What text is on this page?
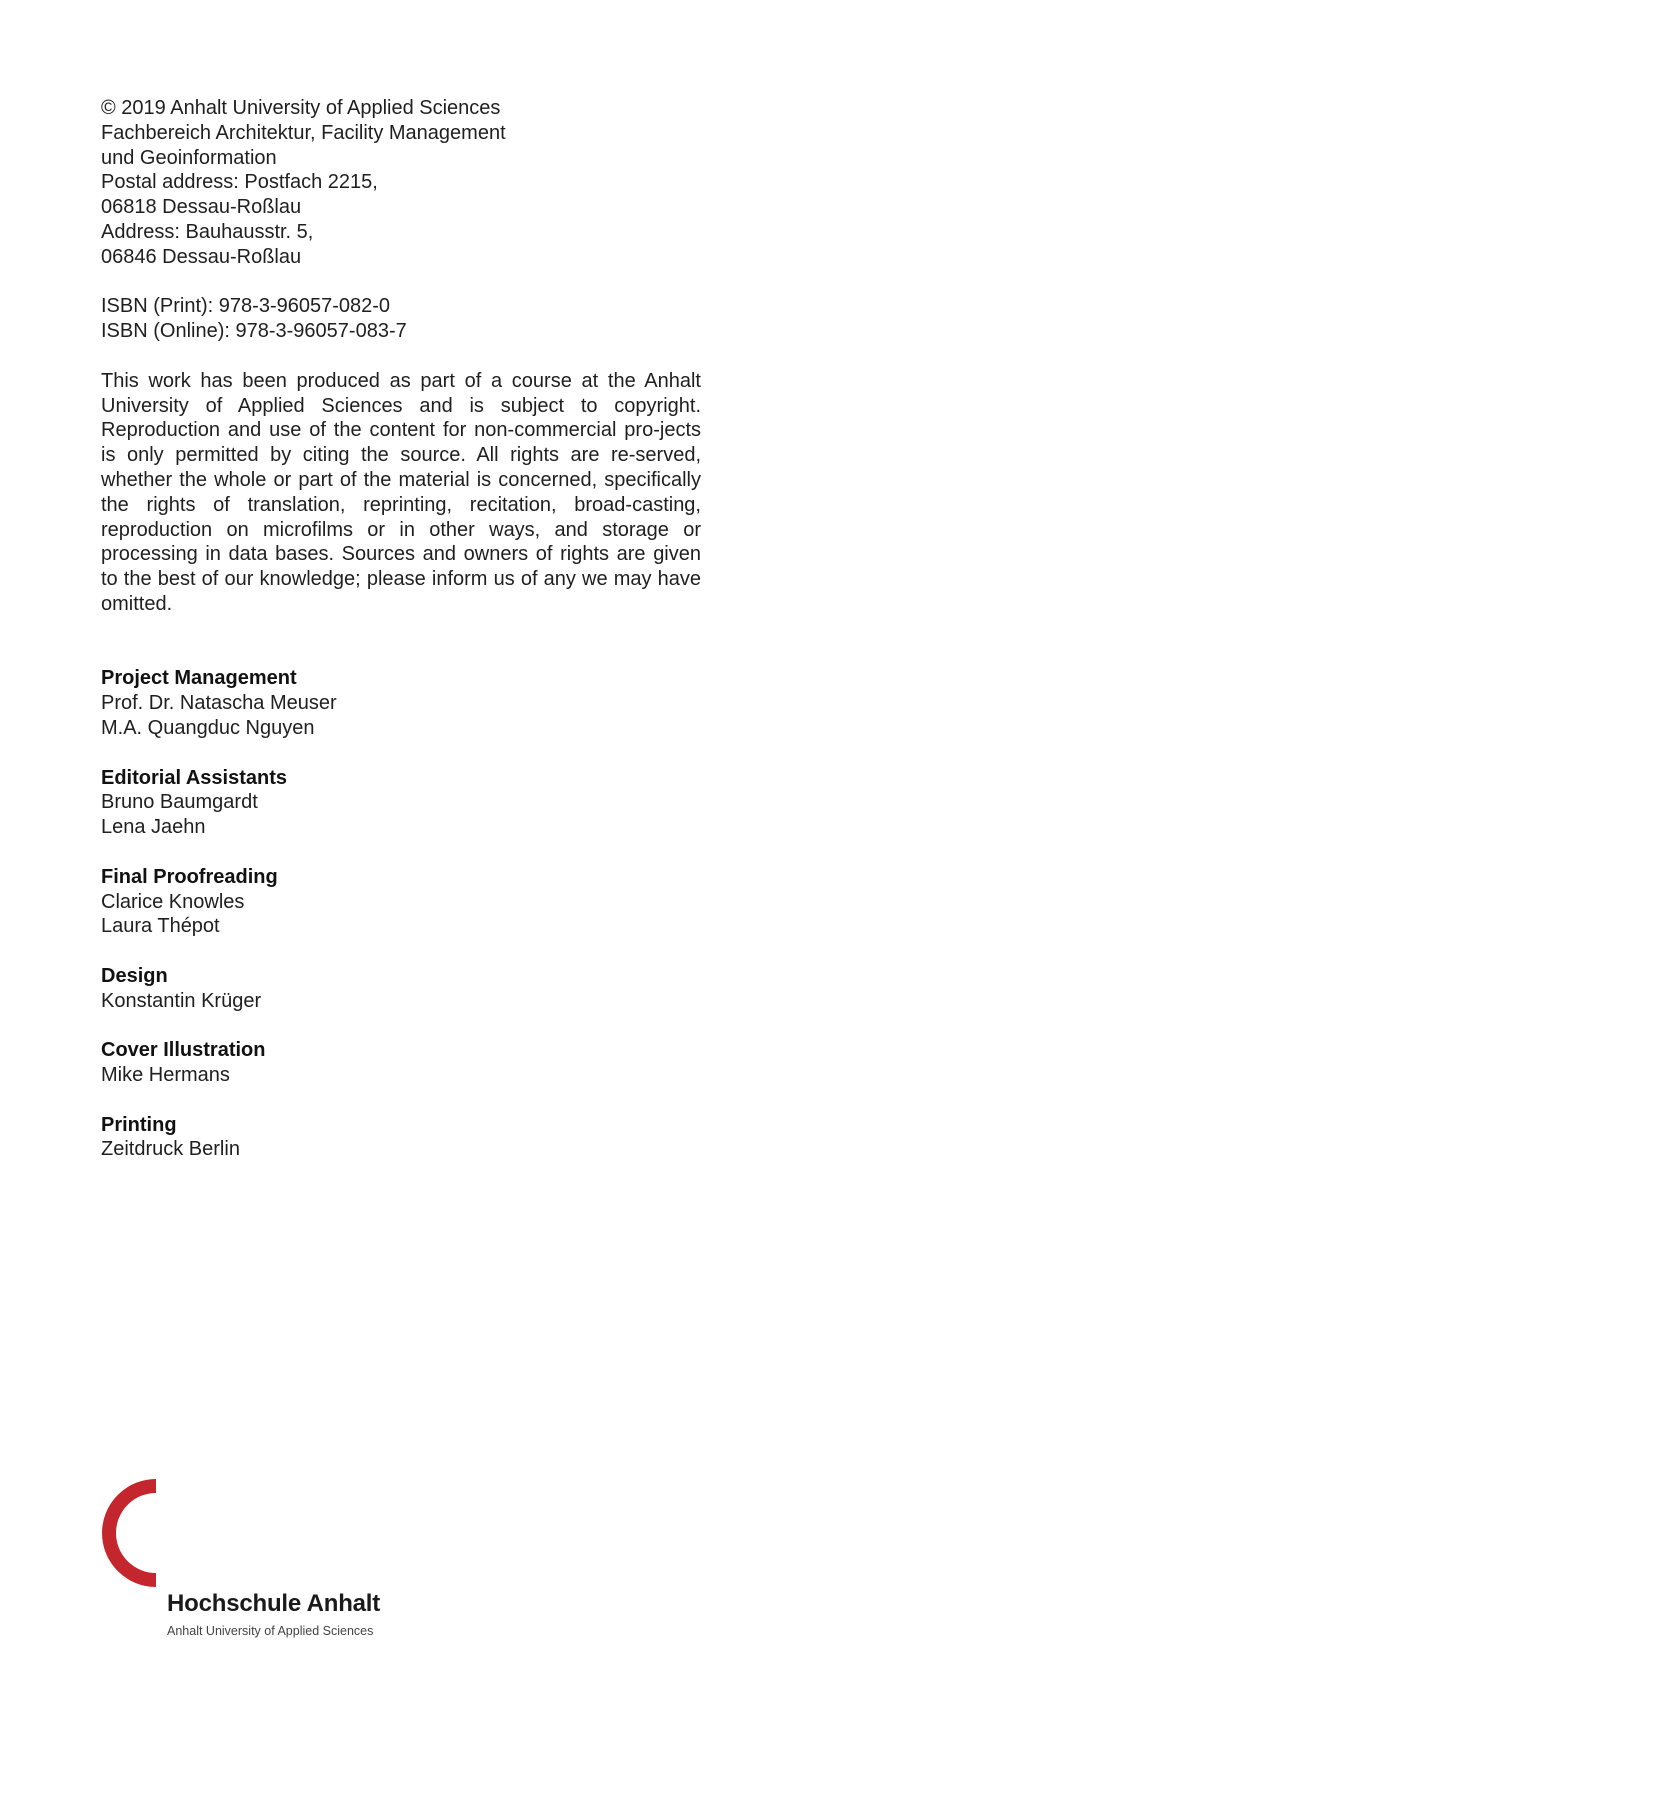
© 2019 Anhalt University of Applied Sciences
Fachbereich Architektur, Facility Management
und Geoinformation
Postal address: Postfach 2215,
06818 Dessau-Roßlau
Address: Bauhausstr. 5,
06846 Dessau-Roßlau
ISBN (Print): 978-3-96057-082-0
ISBN (Online): 978-3-96057-083-7

This work has been produced as part of a course at the Anhalt University of Applied Sciences and is subject to copyright. Reproduction and use of the content for non-commercial pro-jects is only permitted by citing the source. All rights are re-served, whether the whole or part of the material is concerned, specifically the rights of translation, reprinting, recitation, broad-casting, reproduction on microfilms or in other ways, and storage or processing in data bases. Sources and owners of rights are given to the best of our knowledge; please inform us of any we may have omitted.

Project Management
Prof. Dr. Natascha Meuser
M.A. Quangduc Nguyen
Editorial Assistants
Bruno Baumgardt
Lena Jaehn
Final Proofreading
Clarice Knowles
Laura Thépot
Design
Konstantin Krüger
Cover Illustration
Mike Hermans
Printing
Zeitdruck Berlin
Hochschule Anhalt
Anhalt University of Applied Sciences
